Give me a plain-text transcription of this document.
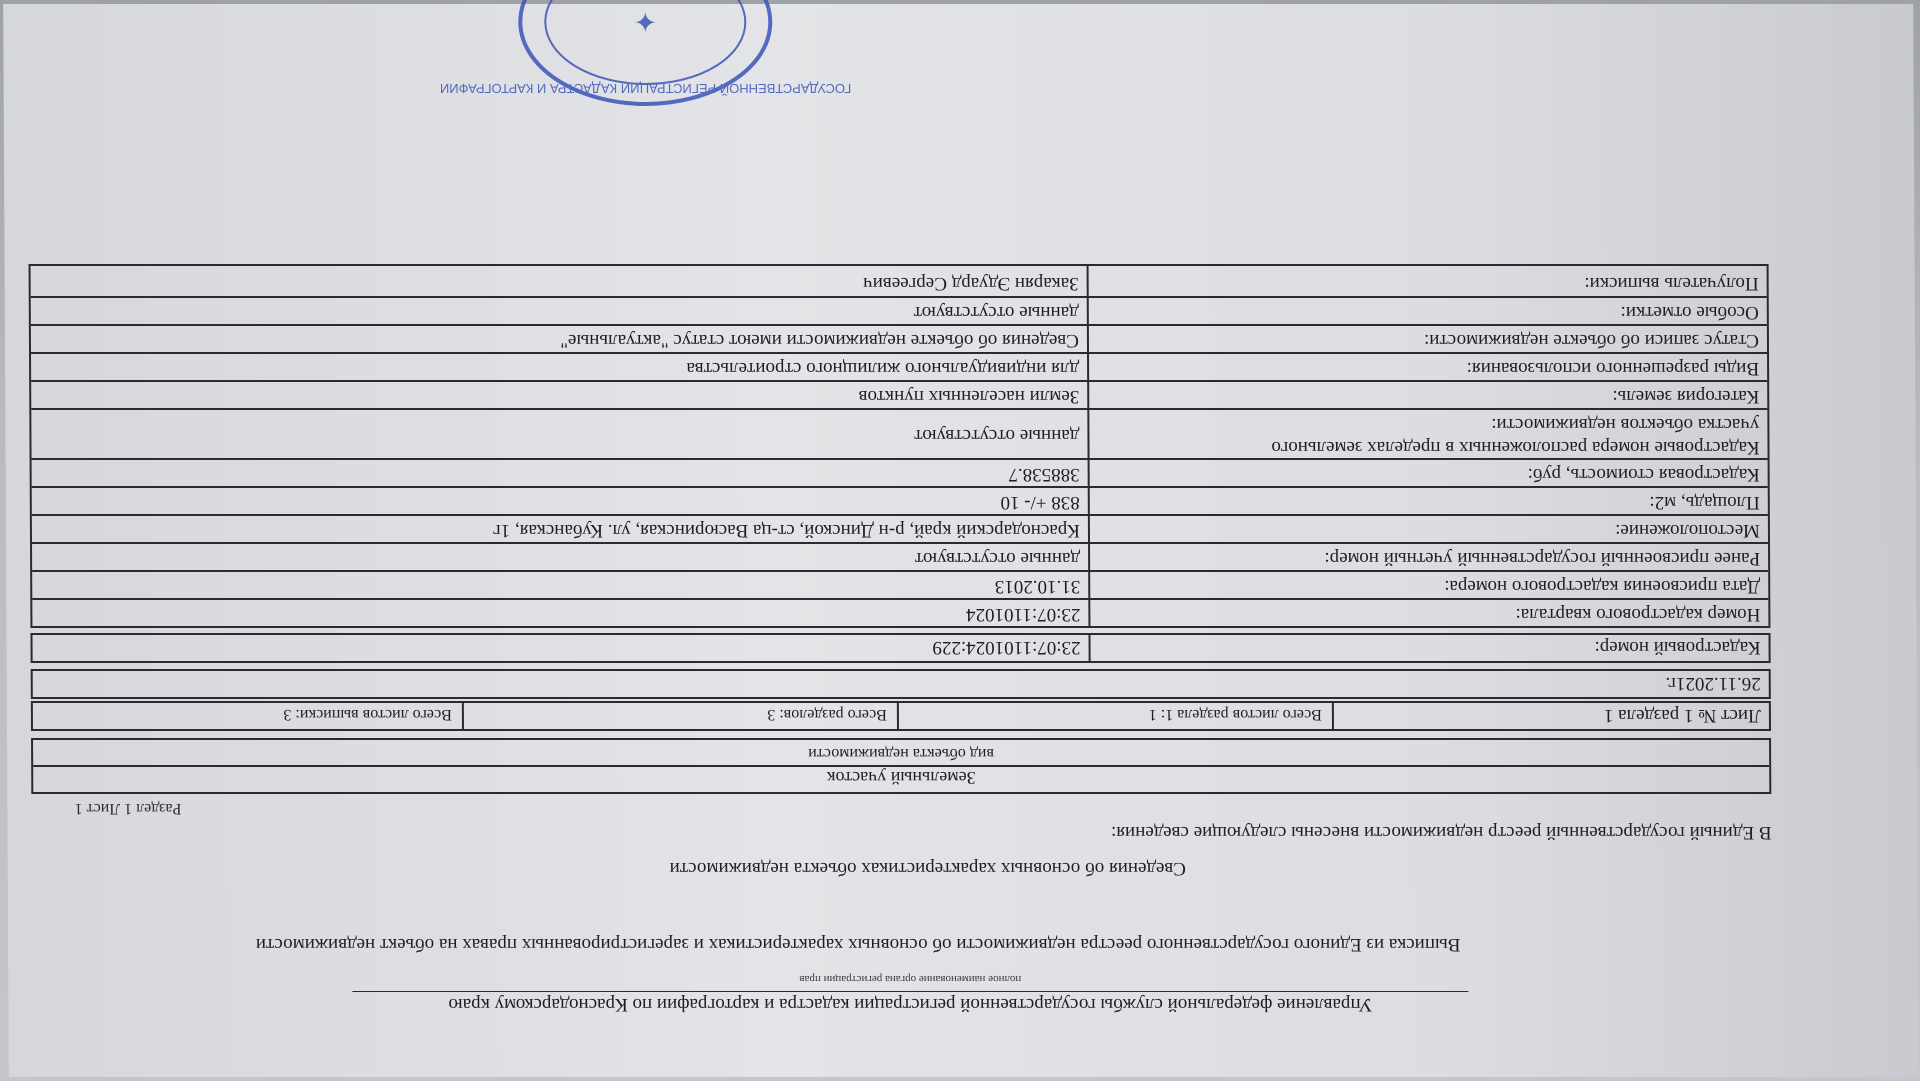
Управление федеральной службы государственной регистрации кадастра и картографии по Краснодарскому краю
полное наименование органа регистрации прав
Выписка из Единого государственного реестра недвижимости об основных характеристиках и зарегистрированных правах на объект недвижимости
Сведения об основных характеристиках объекта недвижимости
В Единый государственный реестр недвижимости внесены следующие сведения:
Раздел 1 Лист 1
Земельный участок
вид объекта недвижимости
Лист № 1 раздела 1
Всего листов раздела 1: 1
Всего разделов: 3
Всего листов выписки: 3
26.11.2021г.
Кадастровый номер:
23:07:1101024:229
Номер кадастрового квартала:
23:07:1101024
Дата присвоения кадастрового номера:
31.10.2013
Ранее присвоенный государственный учетный номер:
данные отсутствуют
Местоположение:
Краснодарский край, р-н Динской, ст-ца Васюринская, ул. Кубанская, 1г
Площадь, м2:
838 +/- 10
Кадастровая стоимость, руб:
388538.7
Кадастровые номера расположенных в пределах земельного
участка объектов недвижимости:
данные отсутствуют
Категория земель:
Земли населенных пунктов
Виды разрешенного использования:
для индивидуального жилищного строительства
Статус записи об объекте недвижимости:
Сведения об объекте недвижимости имеют статус "актуальные"
Особые отметки:
данные отсутствуют
Получатель выписки:
Закарян Эдуард Сергеевич
ГОСУДАРСТВЕННОЙ РЕГИСТРАЦИИ КАДАСТРА И КАРТОГРАФИИ
✦
